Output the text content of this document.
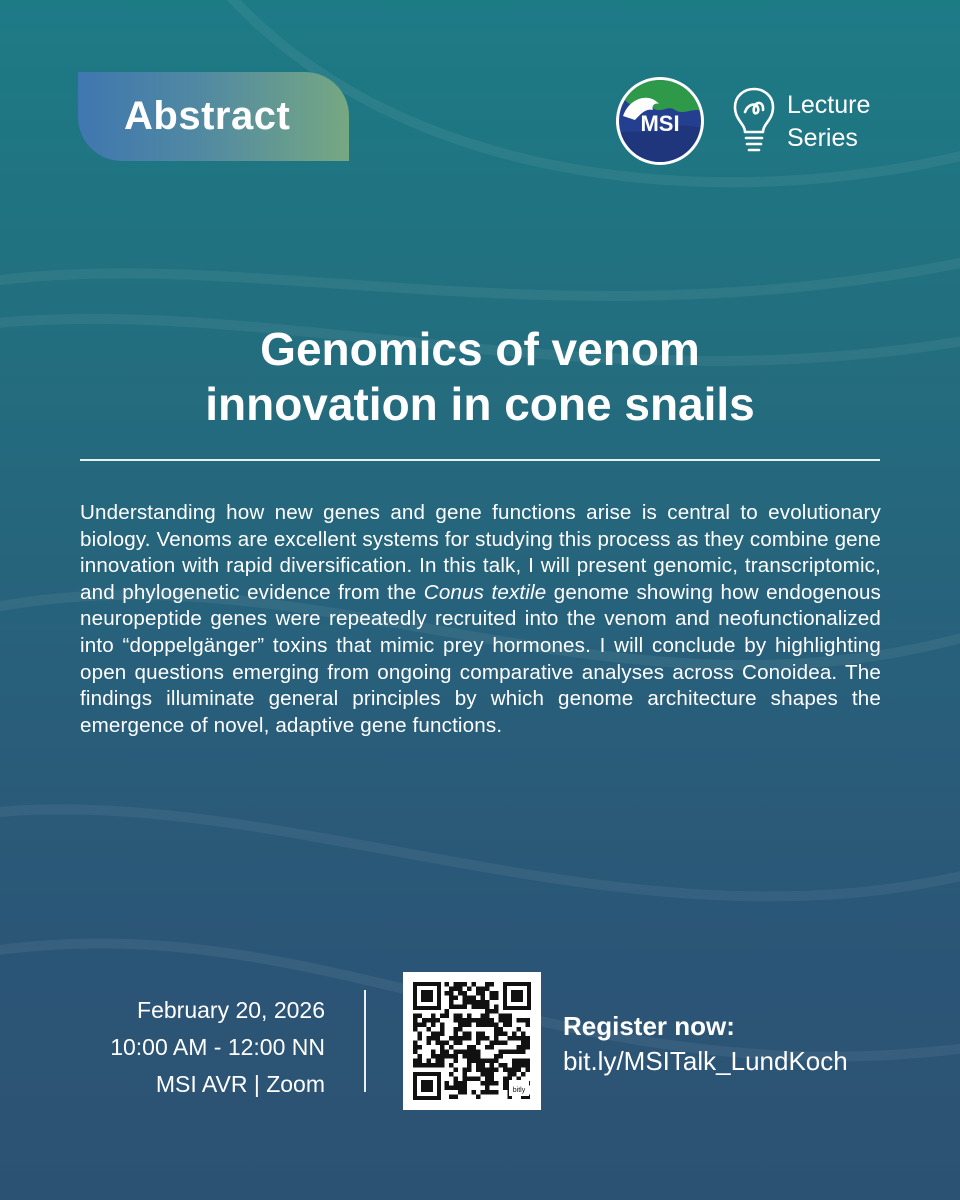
Abstract	MSI
Lecture
Series
Genomics of venom
innovation in cone snails
Understanding how new genes and gene functions arise is central to evolutionary biology. Venoms are excellent systems for studying this process as they combine gene innovation with rapid diversification. In this talk, I will present genomic, transcriptomic, and phylogenetic evidence from the Conus textile genome showing how endogenous neuropeptide genes were repeatedly recruited into the venom and neofunctionalized into “doppelgänger” toxins that mimic prey hormones. I will conclude by highlighting open questions emerging from ongoing comparative analyses across Conoidea. The findings illuminate general principles by which genome architecture shapes the emergence of novel, adaptive gene functions.
February 20, 2026
10:00 AM - 12:00 NN
MSI AVR | Zoom	bitly
Register now:
bit.ly/MSITalk_LundKoch
